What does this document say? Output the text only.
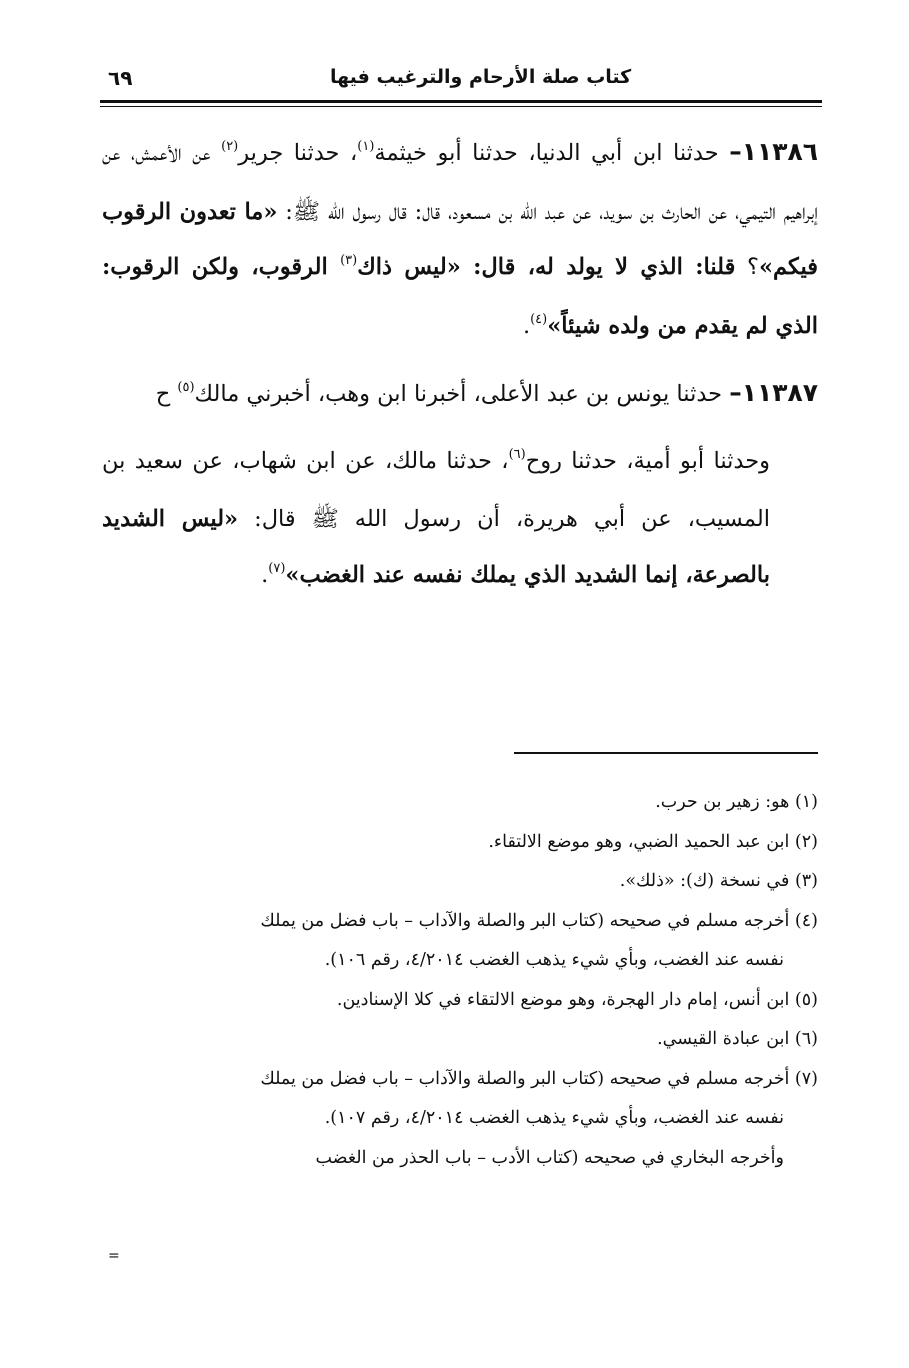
كتاب صلة الأرحام والترغيب فيها
٦٩

١١٣٨٦– حدثنا ابن أبي الدنيا، حدثنا أبو خيثمة$^{(١)}$، حدثنا جرير$^{(٢)}$ عن الأعمش، عن إبراهيم التيمي، عن الحارث بن سويد، عن عبد الله بن مسعود، قال: قال رسول الله ﷺ: «ما تعدون الرقوب فيكم»؟ قلنا: الذي لا يولد له، قال: «ليس ذاك$^{(٣)}$ الرقوب، ولكن الرقوب: الذي لم يقدم من ولده شيئاً»$^{(٤)}$.

١١٣٨٧– حدثنا يونس بن عبد الأعلى، أخبرنا ابن وهب، أخبرني مالك$^{(٥)}$ ح

وحدثنا أبو أمية، حدثنا روح$^{(٦)}$، حدثنا مالك، عن ابن شهاب، عن سعيد بن المسيب، عن أبي هريرة، أن رسول الله ﷺ قال: «ليس الشديد بالصرعة، إنما الشديد الذي يملك نفسه عند الغضب»$^{(٧)}$.

(١) هو: زهير بن حرب.

(٢) ابن عبد الحميد الضبي، وهو موضع الالتقاء.

(٣) في نسخة (ك): «ذلك».

(٤) أخرجه مسلم في صحيحه (كتاب البر والصلة والآداب – باب فضل من يملك

نفسه عند الغضب، وبأي شيء يذهب الغضب ٤/٢٠١٤، رقم ١٠٦).

(٥) ابن أنس، إمام دار الهجرة، وهو موضع الالتقاء في كلا الإسنادين.

(٦) ابن عبادة القيسي.

(٧) أخرجه مسلم في صحيحه (كتاب البر والصلة والآداب – باب فضل من يملك

نفسه عند الغضب، وبأي شيء يذهب الغضب ٤/٢٠١٤، رقم ١٠٧).

وأخرجه البخاري في صحيحه (كتاب الأدب – باب الحذر من الغضب

=
